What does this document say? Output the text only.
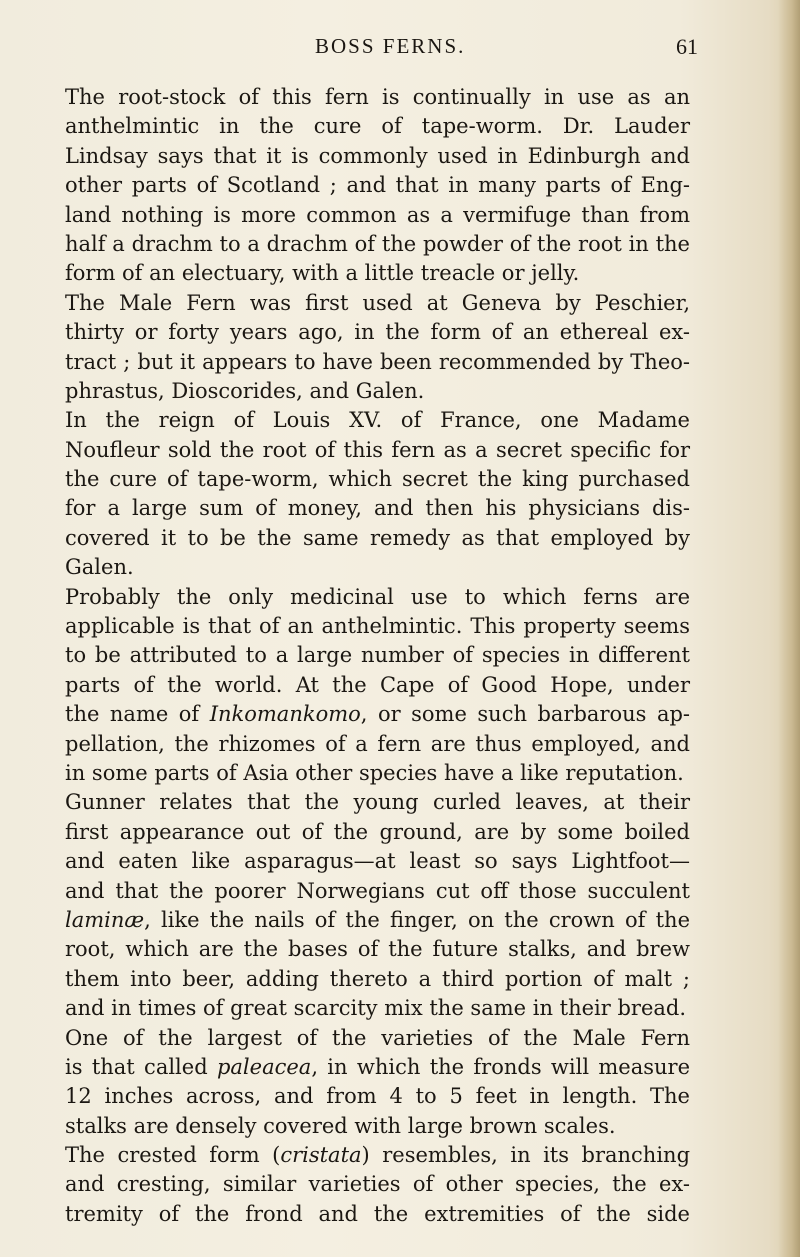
BOSS FERNS.	61
The root-stock of this fern is continually in use as an
anthelmintic in the cure of tape-worm. Dr. Lauder
Lindsay says that it is commonly used in Edinburgh and
other parts of Scotland ; and that in many parts of Eng-
land nothing is more common as a vermifuge than from
half a drachm to a drachm of the powder of the root in the
form of an electuary, with a little treacle or jelly.
The Male Fern was first used at Geneva by Peschier,
thirty or forty years ago, in the form of an ethereal ex-
tract ; but it appears to have been recommended by Theo-
phrastus, Dioscorides, and Galen.
In the reign of Louis XV. of France, one Madame
Noufleur sold the root of this fern as a secret specific for
the cure of tape-worm, which secret the king purchased
for a large sum of money, and then his physicians dis-
covered it to be the same remedy as that employed by
Galen.
Probably the only medicinal use to which ferns are
applicable is that of an anthelmintic. This property seems
to be attributed to a large number of species in different
parts of the world. At the Cape of Good Hope, under
the name of Inkomankomo, or some such barbarous ap-
pellation, the rhizomes of a fern are thus employed, and
in some parts of Asia other species have a like reputation.
Gunner relates that the young curled leaves, at their
first appearance out of the ground, are by some boiled
and eaten like asparagus—at least so says Lightfoot—
and that the poorer Norwegians cut off those succulent
laminæ, like the nails of the finger, on the crown of the
root, which are the bases of the future stalks, and brew
them into beer, adding thereto a third portion of malt ;
and in times of great scarcity mix the same in their bread.
One of the largest of the varieties of the Male Fern
is that called paleacea, in which the fronds will measure
12 inches across, and from 4 to 5 feet in length. The
stalks are densely covered with large brown scales.
The crested form (cristata) resembles, in its branching
and cresting, similar varieties of other species, the ex-
tremity of the frond and the extremities of the side
